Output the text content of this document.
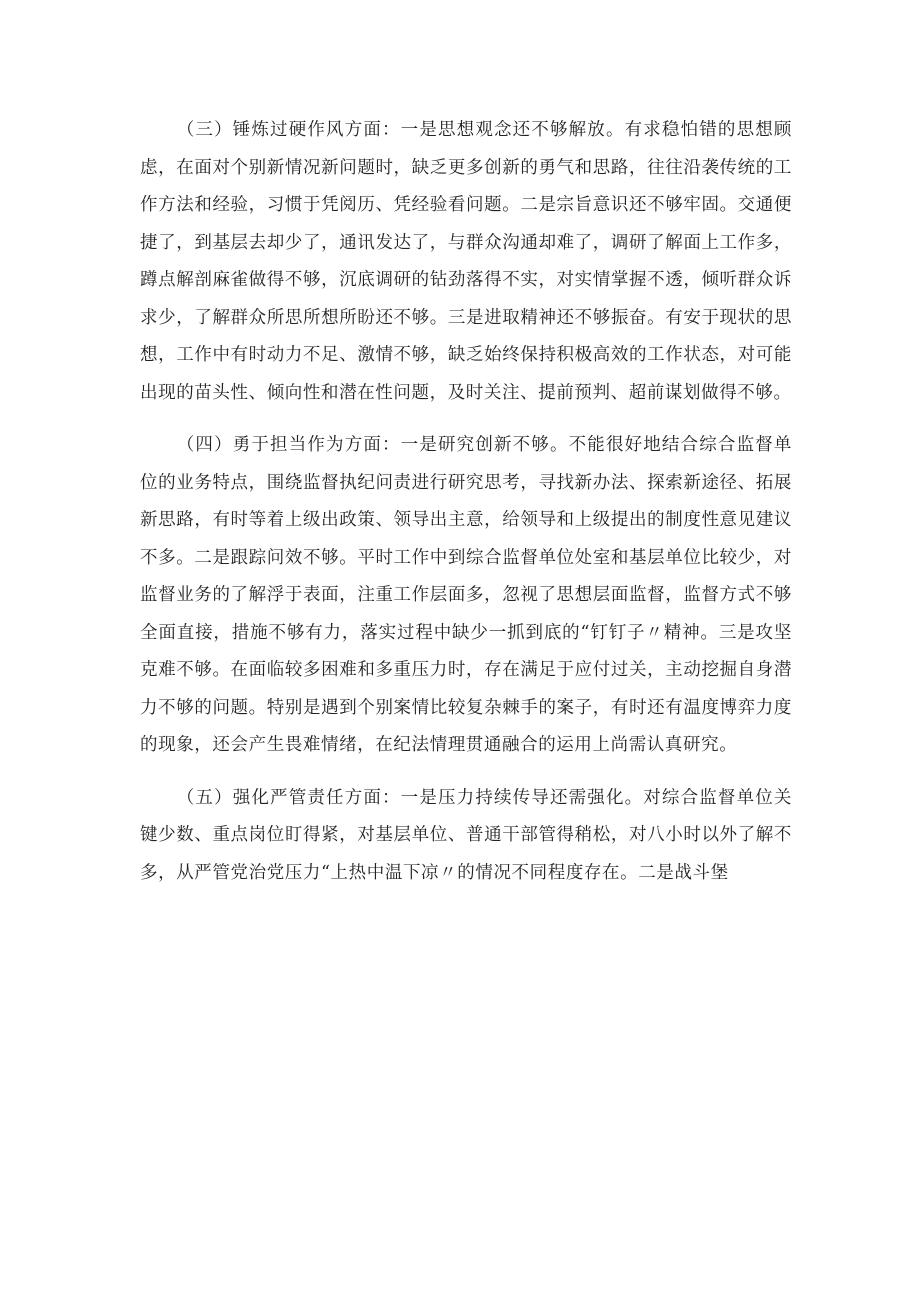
（三）锤炼过硬作风方面：一是思想观念还不够解放。有求稳怕错的思想顾虑，在面对个别新情况新问题时，缺乏更多创新的勇气和思路，往往沿袭传统的工作方法和经验，习惯于凭阅历、凭经验看问题。二是宗旨意识还不够牢固。交通便捷了，到基层去却少了，通讯发达了，与群众沟通却难了，调研了解面上工作多，蹲点解剖麻雀做得不够，沉底调研的钻劲落得不实，对实情掌握不透，倾听群众诉求少，了解群众所思所想所盼还不够。三是进取精神还不够振奋。有安于现状的思想，工作中有时动力不足、激情不够，缺乏始终保持积极高效的工作状态，对可能出现的苗头性、倾向性和潜在性问题，及时关注、提前预判、超前谋划做得不够。

（四）勇于担当作为方面：一是研究创新不够。不能很好地结合综合监督单位的业务特点，围绕监督执纪问责进行研究思考，寻找新办法、探索新途径、拓展新思路，有时等着上级出政策、领导出主意，给领导和上级提出的制度性意见建议不多。二是跟踪问效不够。平时工作中到综合监督单位处室和基层单位比较少，对监督业务的了解浮于表面，注重工作层面多，忽视了思想层面监督，监督方式不够全面直接，措施不够有力，落实过程中缺少一抓到底的“钉钉子〃精神。三是攻坚克难不够。在面临较多困难和多重压力时，存在满足于应付过关，主动挖掘自身潜力不够的问题。特别是遇到个别案情比较复杂棘手的案子，有时还有温度博弈力度的现象，还会产生畏难情绪，在纪法情理贯通融合的运用上尚需认真研究。

（五）强化严管责任方面：一是压力持续传导还需强化。对综合监督单位关键少数、重点岗位盯得紧，对基层单位、普通干部管得稍松，对八小时以外了解不多，从严管党治党压力“上热中温下凉〃的情况不同程度存在。二是战斗堡
